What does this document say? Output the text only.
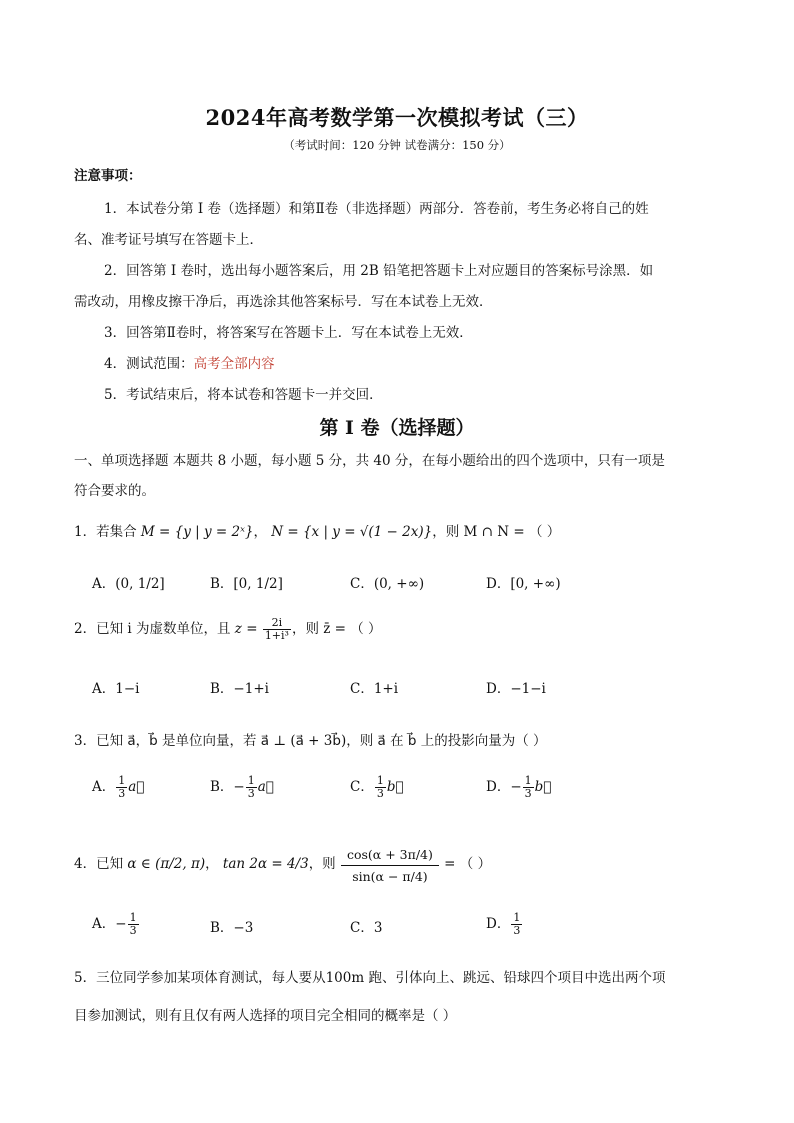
2024年高考数学第一次模拟考试（三）
（考试时间：120 分钟 试卷满分：150 分）
注意事项：
1．本试卷分第 I 卷（选择题）和第Ⅱ卷（非选择题）两部分．答卷前，考生务必将自己的姓
名、准考证号填写在答题卡上．
2．回答第 I 卷时，选出每小题答案后，用 2B 铅笔把答题卡上对应题目的答案标号涂黑．如
需改动，用橡皮擦干净后，再选涂其他答案标号．写在本试卷上无效．
3．回答第Ⅱ卷时，将答案写在答题卡上．写在本试卷上无效．
4．测试范围：高考全部内容
5．考试结束后，将本试卷和答题卡一并交回．
第 I 卷（选择题）
一、单项选择题 本题共 8 小题，每小题 5 分，共 40 分，在每小题给出的四个选项中，只有一项是
符合要求的。
1．若集合 M = {y | y = 2ˣ}， N = {x | y = √(1 − 2x)}，则 M ∩ N = （ ）
A．(0, 1/2]	B．[0, 1/2]	C．(0, +∞)	D．[0, +∞)
2．已知 i 为虚数单位，且 $z = \frac{2i}{\text{1+i³}}$ ，则 z̄ = （ ）
A．1−i	B．−1+i	C．1+i	D．−1−i
3．已知 a⃗，b⃗ 是单位向量，若 a⃗ ⊥ (a⃗ + 3b⃗)，则 a⃗ 在 b⃗ 上的投影向量为（ ）
A． $\frac{1}{3}$ a⃗	B．− $\frac{1}{3}$ a⃗	C． $\frac{1}{3}$ b⃗	D．− $\frac{1}{3}$ b⃗
4．已知 α ∈ (π/2, π)， tan 2α = 4/3，则 $\frac{\cos(\alpha + 3\pi/4)}{\sin(\alpha - \pi/4)}$ = （ ）
A．− $\frac{1}{3}$	B．−3	C．3	D． $\frac{1}{3}$
5．三位同学参加某项体育测试，每人要从100m 跑、引体向上、跳远、铅球四个项目中选出两个项
目参加测试，则有且仅有两人选择的项目完全相同的概率是（ ）
